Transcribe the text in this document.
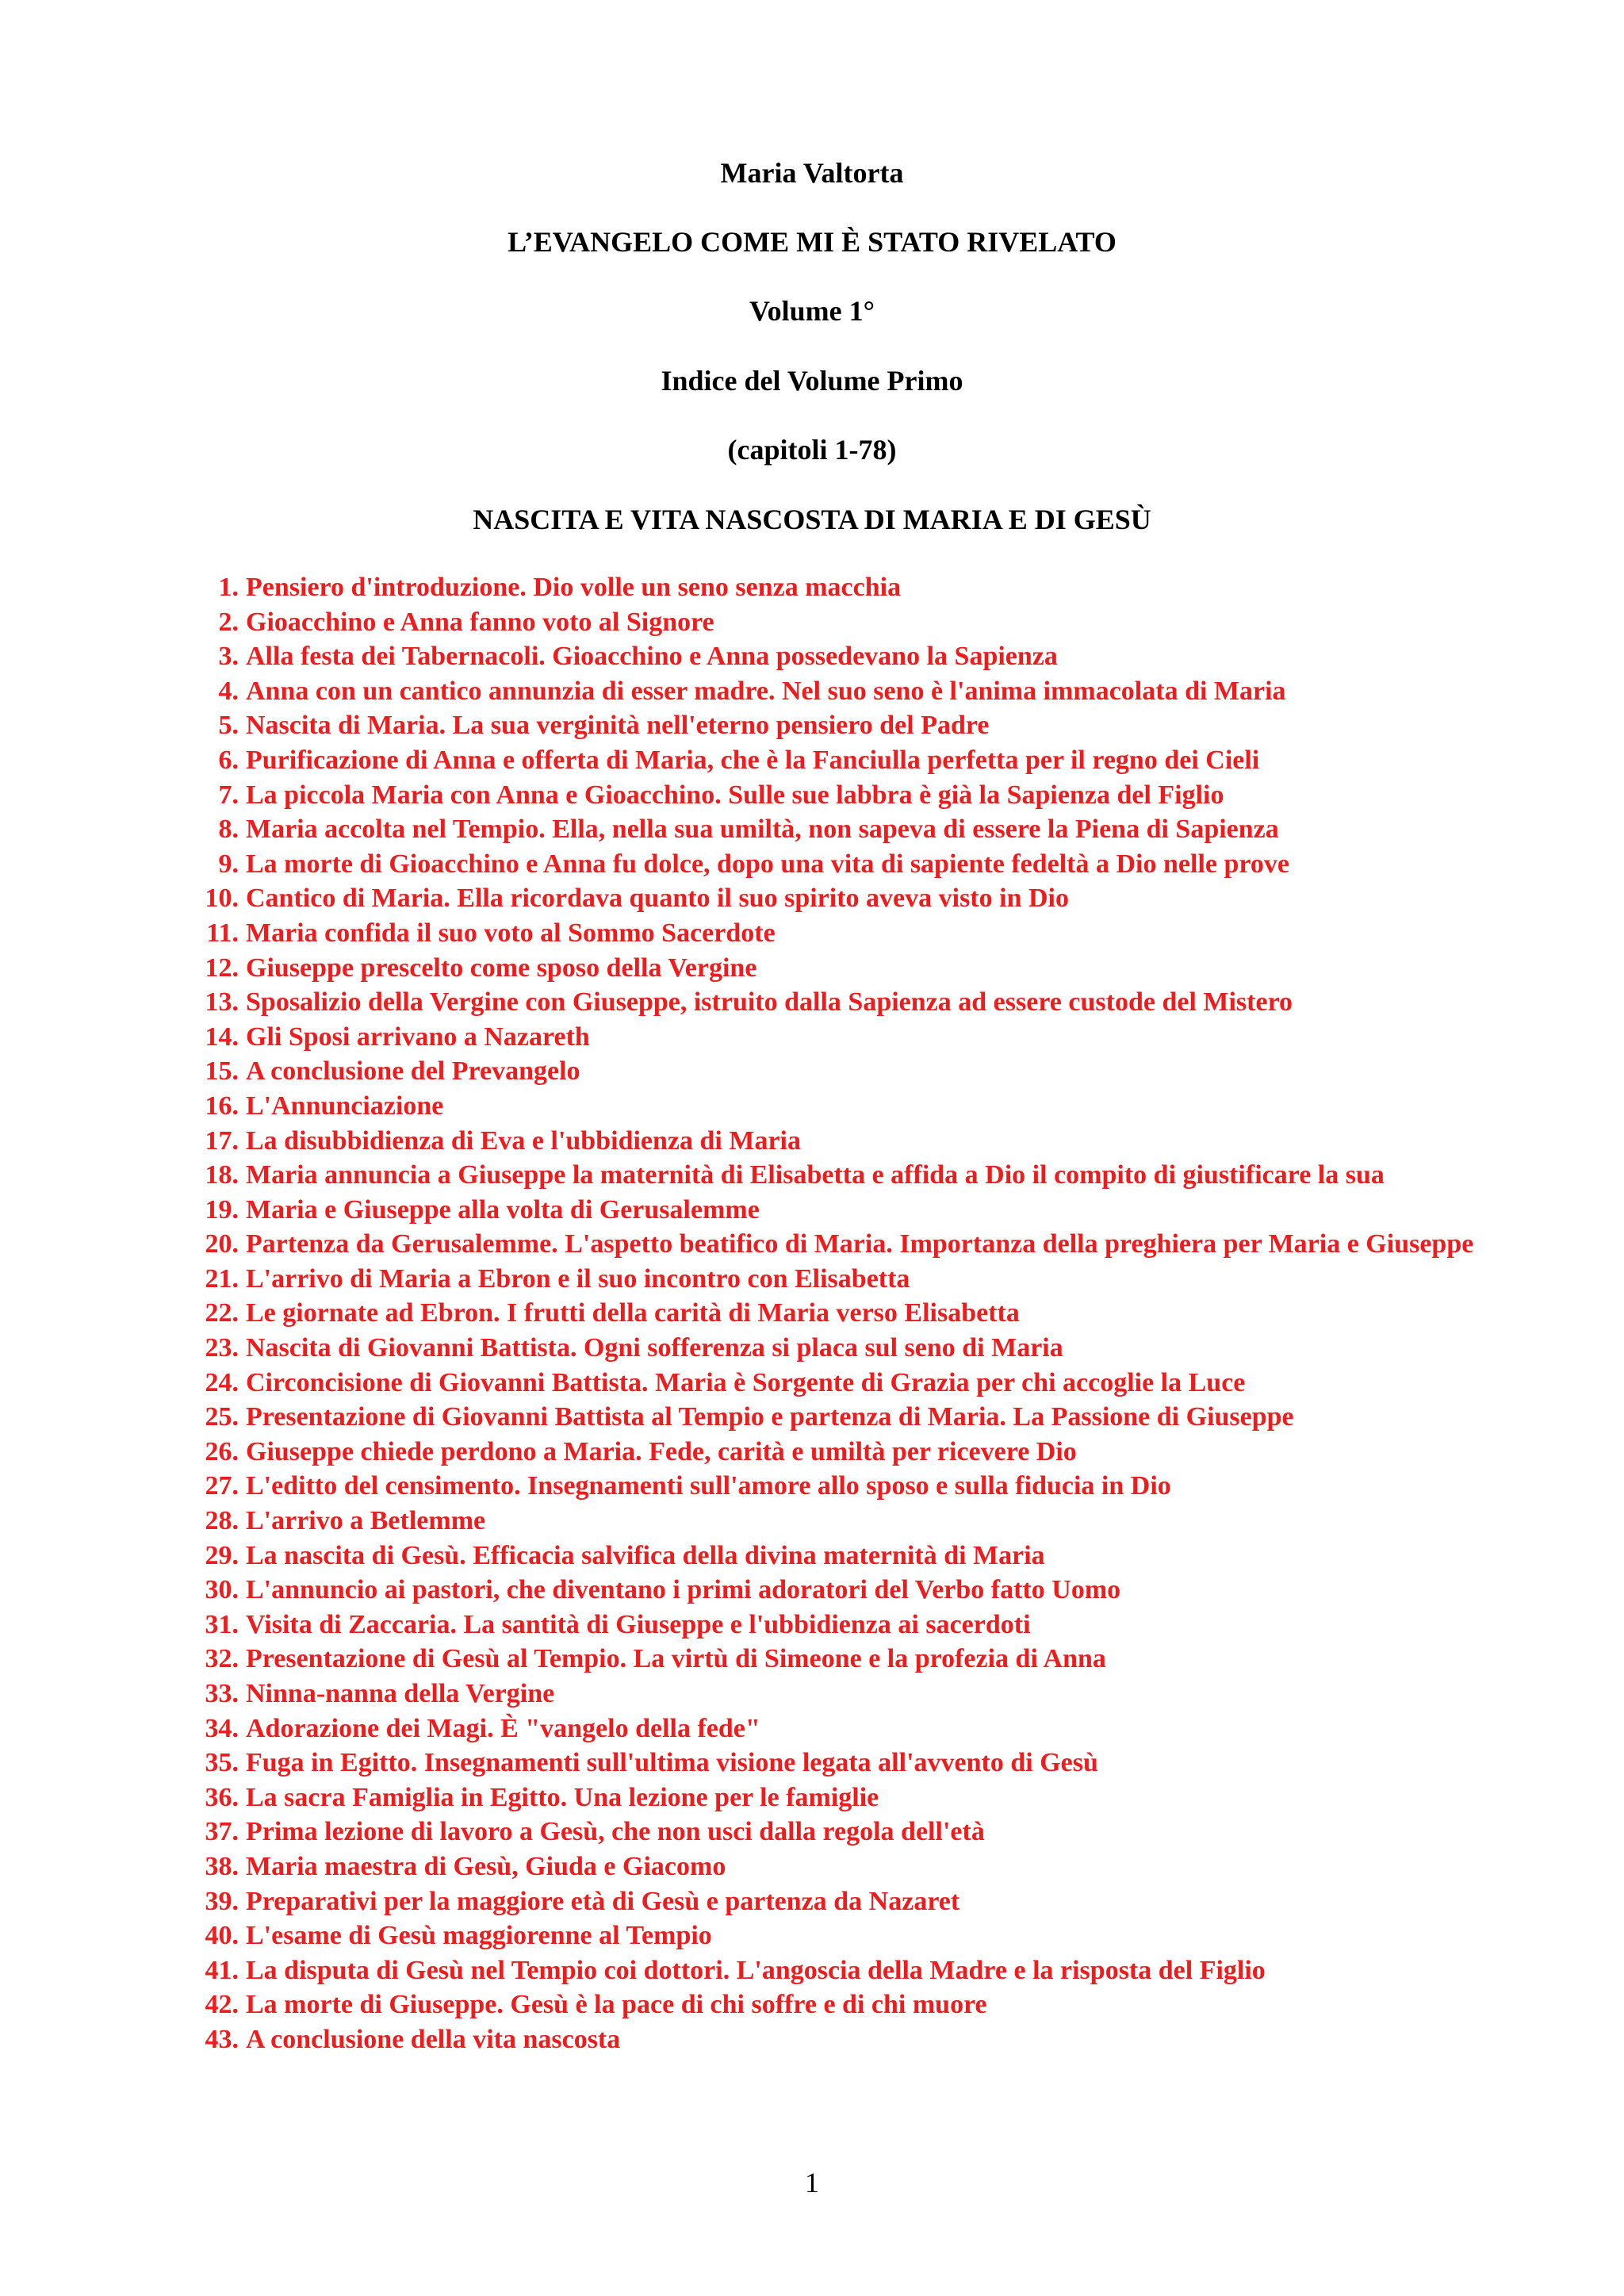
Maria Valtorta
L’EVANGELO COME MI È STATO RIVELATO
Volume 1°
Indice del Volume Primo
(capitoli 1-78)
NASCITA E VITA NASCOSTA DI MARIA E DI GESÙ
1. Pensiero d'introduzione. Dio volle un seno senza macchia
2. Gioacchino e Anna fanno voto al Signore
3. Alla festa dei Tabernacoli. Gioacchino e Anna possedevano la Sapienza
4. Anna con un cantico annunzia di esser madre. Nel suo seno è l'anima immacolata di Maria
5. Nascita di Maria. La sua verginità nell'eterno pensiero del Padre
6. Purificazione di Anna e offerta di Maria, che è la Fanciulla perfetta per il regno dei Cieli
7. La piccola Maria con Anna e Gioacchino. Sulle sue labbra è già la Sapienza del Figlio
8. Maria accolta nel Tempio. Ella, nella sua umiltà, non sapeva di essere la Piena di Sapienza
9. La morte di Gioacchino e Anna fu dolce, dopo una vita di sapiente fedeltà a Dio nelle prove
10. Cantico di Maria. Ella ricordava quanto il suo spirito aveva visto in Dio
11. Maria confida il suo voto al Sommo Sacerdote
12. Giuseppe prescelto come sposo della Vergine
13. Sposalizio della Vergine con Giuseppe, istruito dalla Sapienza ad essere custode del Mistero
14. Gli Sposi arrivano a Nazareth
15. A conclusione del Prevangelo
16. L'Annunciazione
17. La disubbidienza di Eva e l'ubbidienza di Maria
18. Maria annuncia a Giuseppe la maternità di Elisabetta e affida a Dio il compito di giustificare la sua
19. Maria e Giuseppe alla volta di Gerusalemme
20. Partenza da Gerusalemme. L'aspetto beatifico di Maria. Importanza della preghiera per Maria e Giuseppe
21. L'arrivo di Maria a Ebron e il suo incontro con Elisabetta
22. Le giornate ad Ebron. I frutti della carità di Maria verso Elisabetta
23. Nascita di Giovanni Battista. Ogni sofferenza si placa sul seno di Maria
24. Circoncisione di Giovanni Battista. Maria è Sorgente di Grazia per chi accoglie la Luce
25. Presentazione di Giovanni Battista al Tempio e partenza di Maria. La Passione di Giuseppe
26. Giuseppe chiede perdono a Maria. Fede, carità e umiltà per ricevere Dio
27. L'editto del censimento. Insegnamenti sull'amore allo sposo e sulla fiducia in Dio
28. L'arrivo a Betlemme
29. La nascita di Gesù. Efficacia salvifica della divina maternità di Maria
30. L'annuncio ai pastori, che diventano i primi adoratori del Verbo fatto Uomo
31. Visita di Zaccaria. La santità di Giuseppe e l'ubbidienza ai sacerdoti
32. Presentazione di Gesù al Tempio. La virtù di Simeone e la profezia di Anna
33. Ninna-nanna della Vergine
34. Adorazione dei Magi. È "vangelo della fede"
35. Fuga in Egitto. Insegnamenti sull'ultima visione legata all'avvento di Gesù
36. La sacra Famiglia in Egitto. Una lezione per le famiglie
37. Prima lezione di lavoro a Gesù, che non usci dalla regola dell'età
38. Maria maestra di Gesù, Giuda e Giacomo
39. Preparativi per la maggiore età di Gesù e partenza da Nazaret
40. L'esame di Gesù maggiorenne al Tempio
41. La disputa di Gesù nel Tempio coi dottori. L'angoscia della Madre e la risposta del Figlio
42. La morte di Giuseppe. Gesù è la pace di chi soffre e di chi muore
43. A conclusione della vita nascosta
1
